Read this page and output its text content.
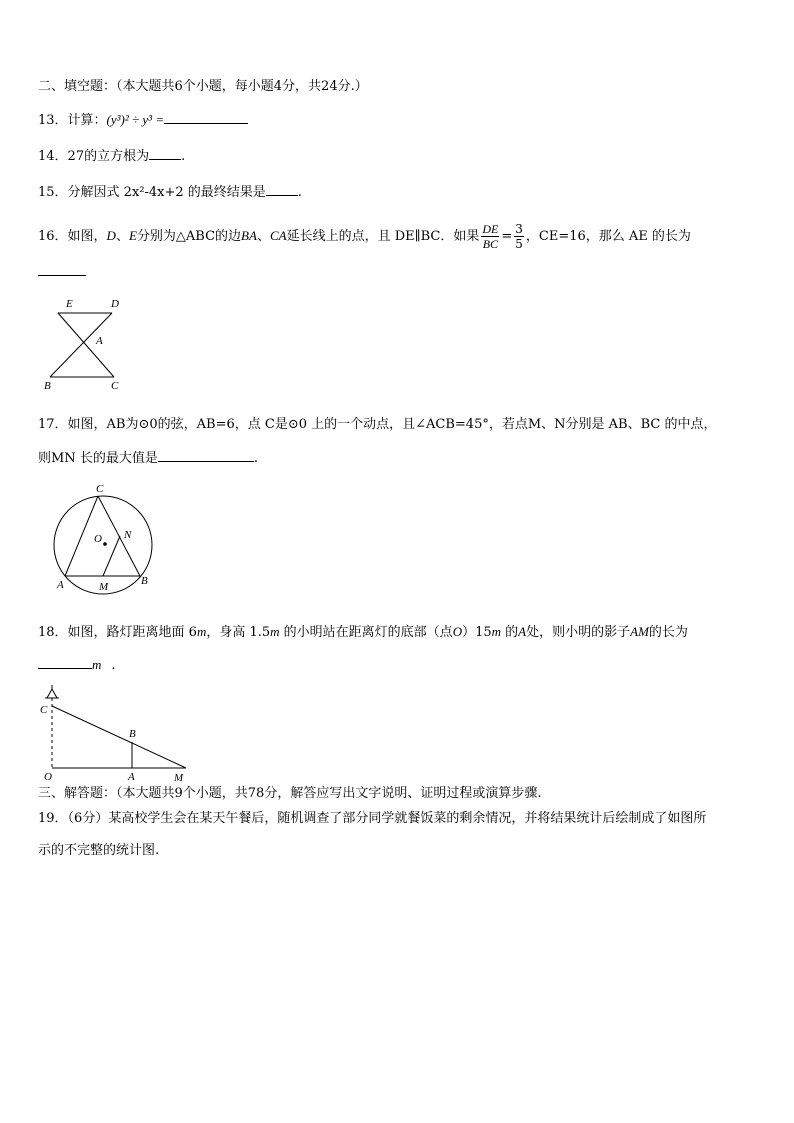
二、填空题：（本大题共6个小题，每小题4分，共24分.）
13．计算：(y³)² ÷ y³ =
14．27的立方根为 .
15．分解因式 2x²-4x+2 的最终结果是 .
16．如图，D、E分别为△ABC的边BA、CA延长线上的点，且 DE∥BC．如果 $\frac{DE}{BC} = \frac{3}{5}$ ，CE=16，那么 AE 的长为
E	D
A
B	C
17．如图，AB为⊙0的弦，AB=6，点 C是⊙0 上的一个动点，且∠ACB=45°，若点M、N分别是 AB、BC 的中点，
则MN 长的最大值是	.
C
O N
A	M	B
18．如图，路灯距离地面 6m，身高 1.5m 的小明站在距离灯的底部（点O）15m 的A处，则小明的影子AM的长为
m .
C
B
O	A	M
三、解答题：（本大题共9个小题，共78分，解答应写出文字说明、证明过程或演算步骤.
19．（6分）某高校学生会在某天午餐后，随机调查了部分同学就餐饭菜的剩余情况，并将结果统计后绘制成了如图所
示的不完整的统计图.
